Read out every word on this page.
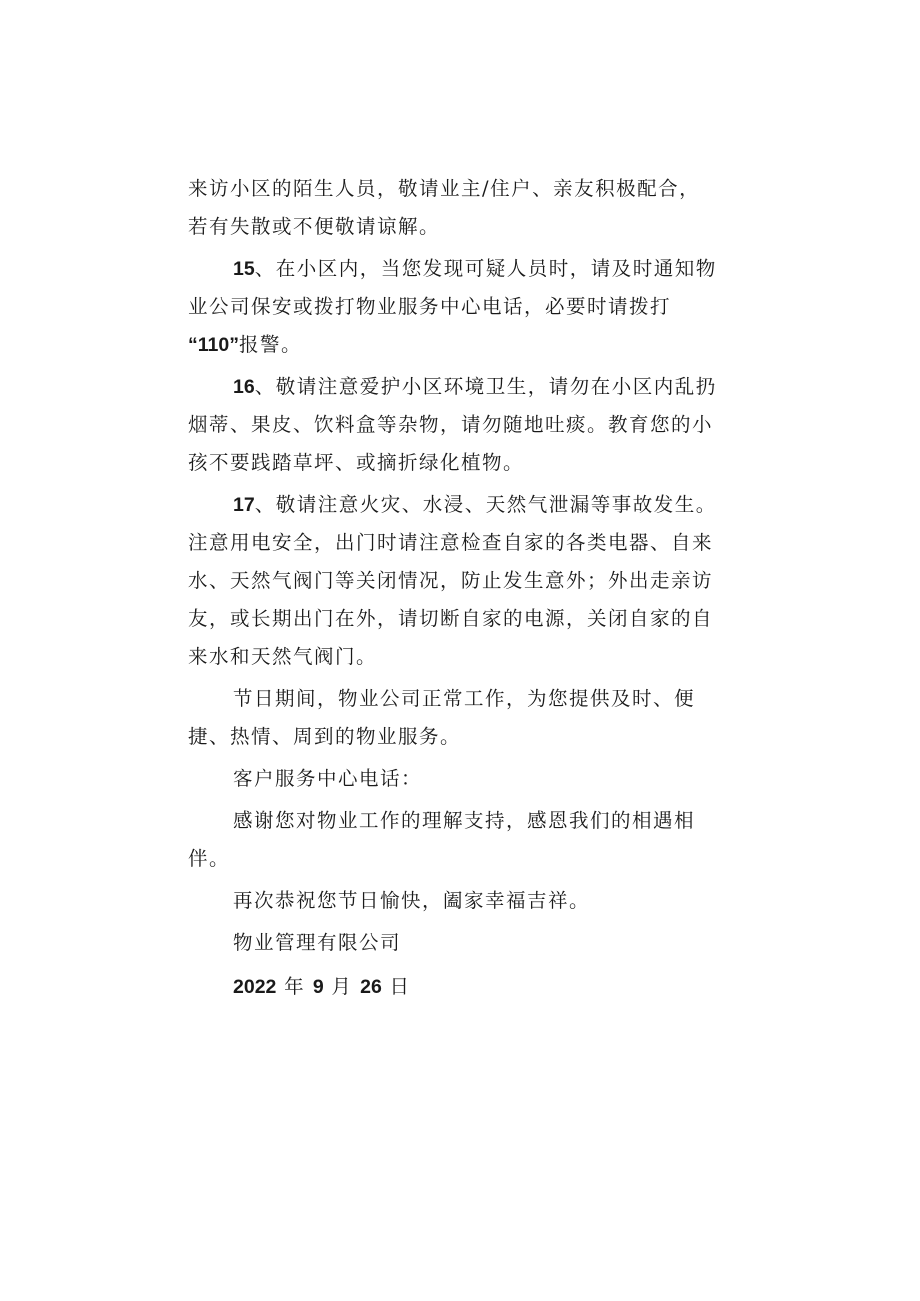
来访小区的陌生人员，敬请业主/住户、亲友积极配合，
若有失散或不便敬请谅解。
15、在小区内，当您发现可疑人员时，请及时通知物
业公司保安或拨打物业服务中心电话，必要时请拨打
“110”报警。
16、敬请注意爱护小区环境卫生，请勿在小区内乱扔
烟蒂、果皮、饮料盒等杂物，请勿随地吐痰。教育您的小
孩不要践踏草坪、或摘折绿化植物。
17、敬请注意火灾、水浸、天然气泄漏等事故发生。
注意用电安全，出门时请注意检查自家的各类电器、自来
水、天然气阀门等关闭情况，防止发生意外；外出走亲访
友，或长期出门在外，请切断自家的电源，关闭自家的自
来水和天然气阀门。
节日期间，物业公司正常工作，为您提供及时、便
捷、热情、周到的物业服务。
客户服务中心电话：
感谢您对物业工作的理解支持，感恩我们的相遇相
伴。
再次恭祝您节日愉快，阖家幸福吉祥。
物业管理有限公司
2022 年 9 月 26 日
